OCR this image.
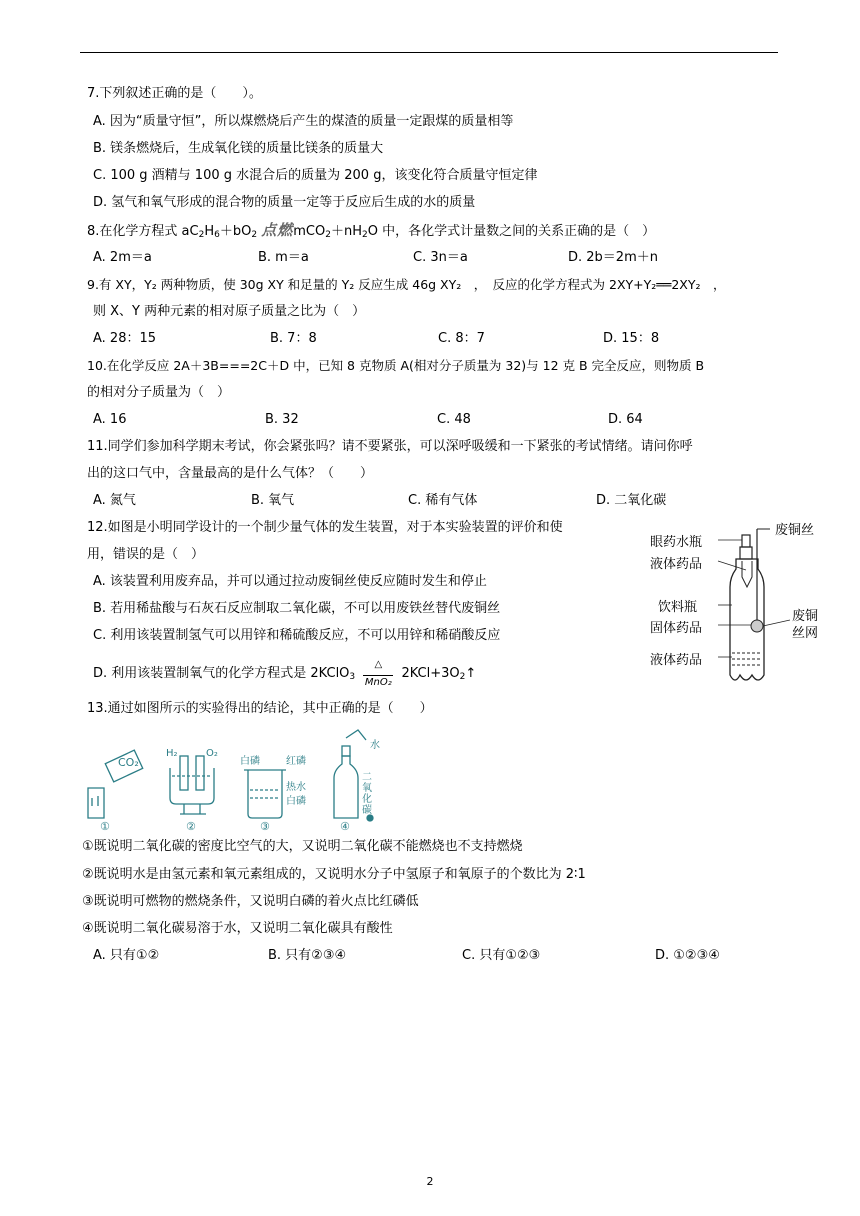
7.下列叙述正确的是（　　）。
A. 因为“质量守恒”，所以煤燃烧后产生的煤渣的质量一定跟煤的质量相等
B. 镁条燃烧后，生成氧化镁的质量比镁条的质量大
C. 100 g 酒精与 100 g 水混合后的质量为 200 g，该变化符合质量守恒定律
D. 氢气和氧气形成的混合物的质量一定等于反应后生成的水的质量
8.在化学方程式 $aC_2H_6+bO_2$ 点燃$mCO_2+nH_2O$ 中，各化学式计量数之间的关系正确的是（　）
A. 2m＝a	B. m＝a	C. 3n＝a	D. 2b＝2m＋n
9.有 XY，Y₂ 两种物质，使 30g XY 和足量的 Y₂ 反应生成 46g XY₂　，　反应的化学方程式为 2XY+Y₂══2XY₂　，
则 X、Y 两种元素的相对原子质量之比为（　）
A. 28：15	B. 7：8	C. 8：7	D. 15：8
10.在化学反应 2A＋3B===2C＋D 中，已知 8 克物质 A(相对分子质量为 32)与 12 克 B 完全反应，则物质 B
的相对分子质量为（　）
A. 16	B. 32	C. 48	D. 64
11.同学们参加科学期末考试，你会紧张吗？请不要紧张，可以深呼吸缓和一下紧张的考试情绪。请问你呼
出的这口气中，含量最高的是什么气体？（　　）
A. 氮气	B. 氧气	C. 稀有气体	D. 二氧化碳
12.如图是小明同学设计的一个制少量气体的发生装置，对于本实验装置的评价和使
用，错误的是（　）
A. 该装置利用废弃品，并可以通过拉动废铜丝使反应随时发生和停止
B. 若用稀盐酸与石灰石反应制取二氧化碳，不可以用废铁丝替代废铜丝
C. 利用该装置制氢气可以用锌和稀硫酸反应，不可以用锌和稀硝酸反应
D. 利用该装置制氧气的化学方程式是 2KClO$_3$ △

MnO₂ $2KCl+3O_2↑$
眼药水瓶
液体药品
废铜丝
饮料瓶
固体药品
废铜
丝网
液体药品
13.通过如图所示的实验得出的结论，其中正确的是（　　）
CO₂
H₂	O₂
白磷	红磷
热水
白磷
水
二氧化碳
①	②	③	④
①既说明二氧化碳的密度比空气的大，又说明二氧化碳不能燃烧也不支持燃烧
②既说明水是由氢元素和氧元素组成的，又说明水分子中氢原子和氧原子的个数比为 2∶1
③既说明可燃物的燃烧条件，又说明白磷的着火点比红磷低
④既说明二氧化碳易溶于水，又说明二氧化碳具有酸性
A. 只有①②	B. 只有②③④	C. 只有①②③	D. ①②③④
2
